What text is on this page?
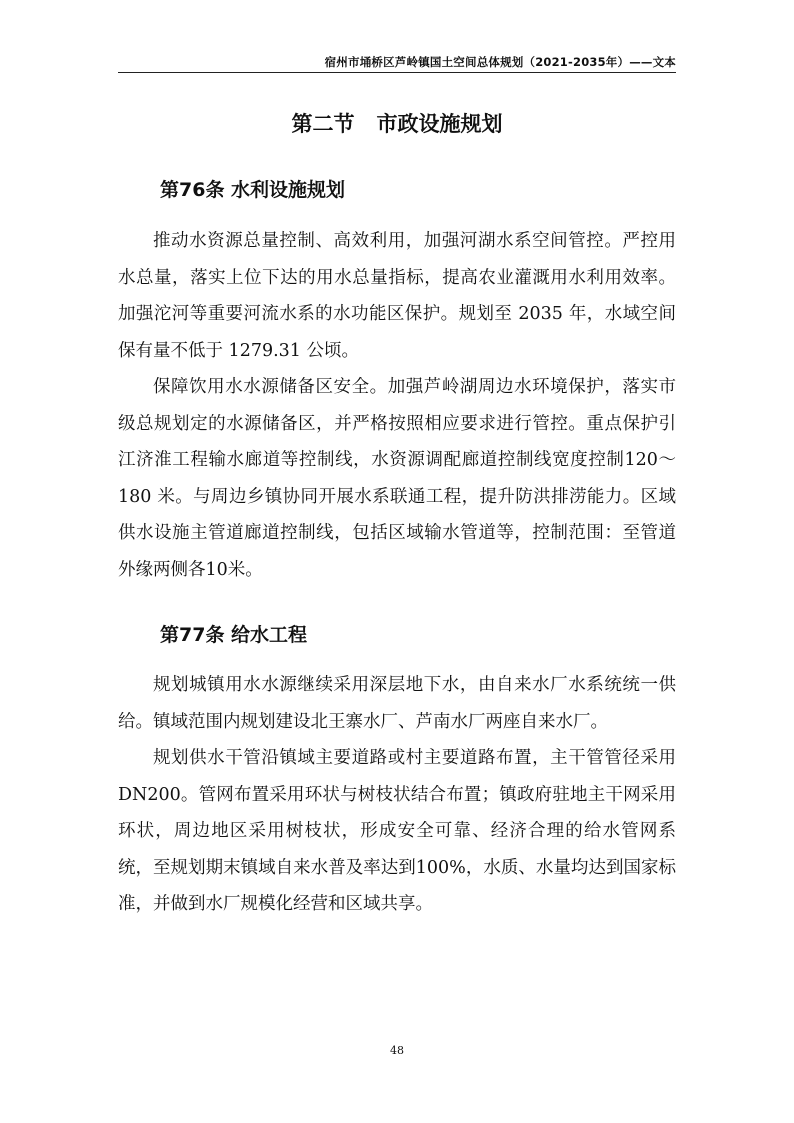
宿州市埇桥区芦岭镇国土空间总体规划（2021-2035年）——文本
第二节 市政设施规划
第76条 水利设施规划

推动水资源总量控制、高效利用，加强河湖水系空间管控。严控用水总量，落实上位下达的用水总量指标，提高农业灌溉用水利用效率。加强沱河等重要河流水系的水功能区保护。规划至 2035 年，水域空间保有量不低于 1279.31 公顷。

保障饮用水水源储备区安全。加强芦岭湖周边水环境保护，落实市级总规划定的水源储备区，并严格按照相应要求进行管控。重点保护引江济淮工程输水廊道等控制线，水资源调配廊道控制线宽度控制120～180 米。与周边乡镇协同开展水系联通工程，提升防洪排涝能力。区域供水设施主管道廊道控制线，包括区域输水管道等，控制范围：至管道外缘两侧各10米。

第77条 给水工程

规划城镇用水水源继续采用深层地下水，由自来水厂水系统统一供给。镇域范围内规划建设北王寨水厂、芦南水厂两座自来水厂。

规划供水干管沿镇域主要道路或村主要道路布置，主干管管径采用 DN200。管网布置采用环状与树枝状结合布置；镇政府驻地主干网采用环状，周边地区采用树枝状，形成安全可靠、经济合理的给水管网系统，至规划期末镇域自来水普及率达到100%，水质、水量均达到国家标准，并做到水厂规模化经营和区域共享。

48
